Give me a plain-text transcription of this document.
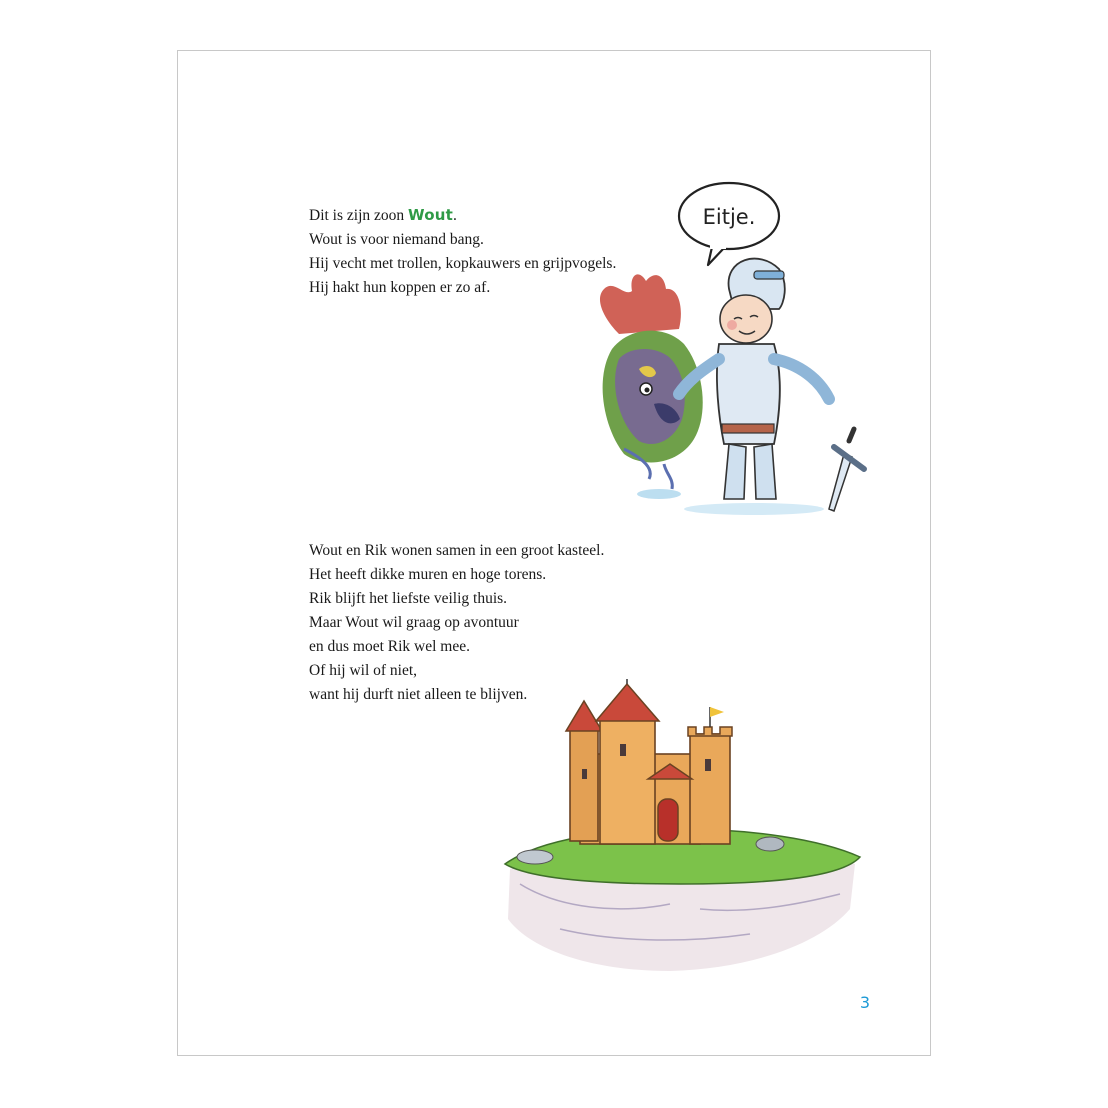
Dit is zijn zoon Wout.
Wout is voor niemand bang.
Hij vecht met trollen, kopkauwers en grijpvogels.
Hij hakt hun koppen er zo af.
Eitje.
Wout en Rik wonen samen in een groot kasteel.
Het heeft dikke muren en hoge torens.
Rik blijft het liefste veilig thuis.
Maar Wout wil graag op avontuur
en dus moet Rik wel mee.
Of hij wil of niet,
want hij durft niet alleen te blijven.
3
